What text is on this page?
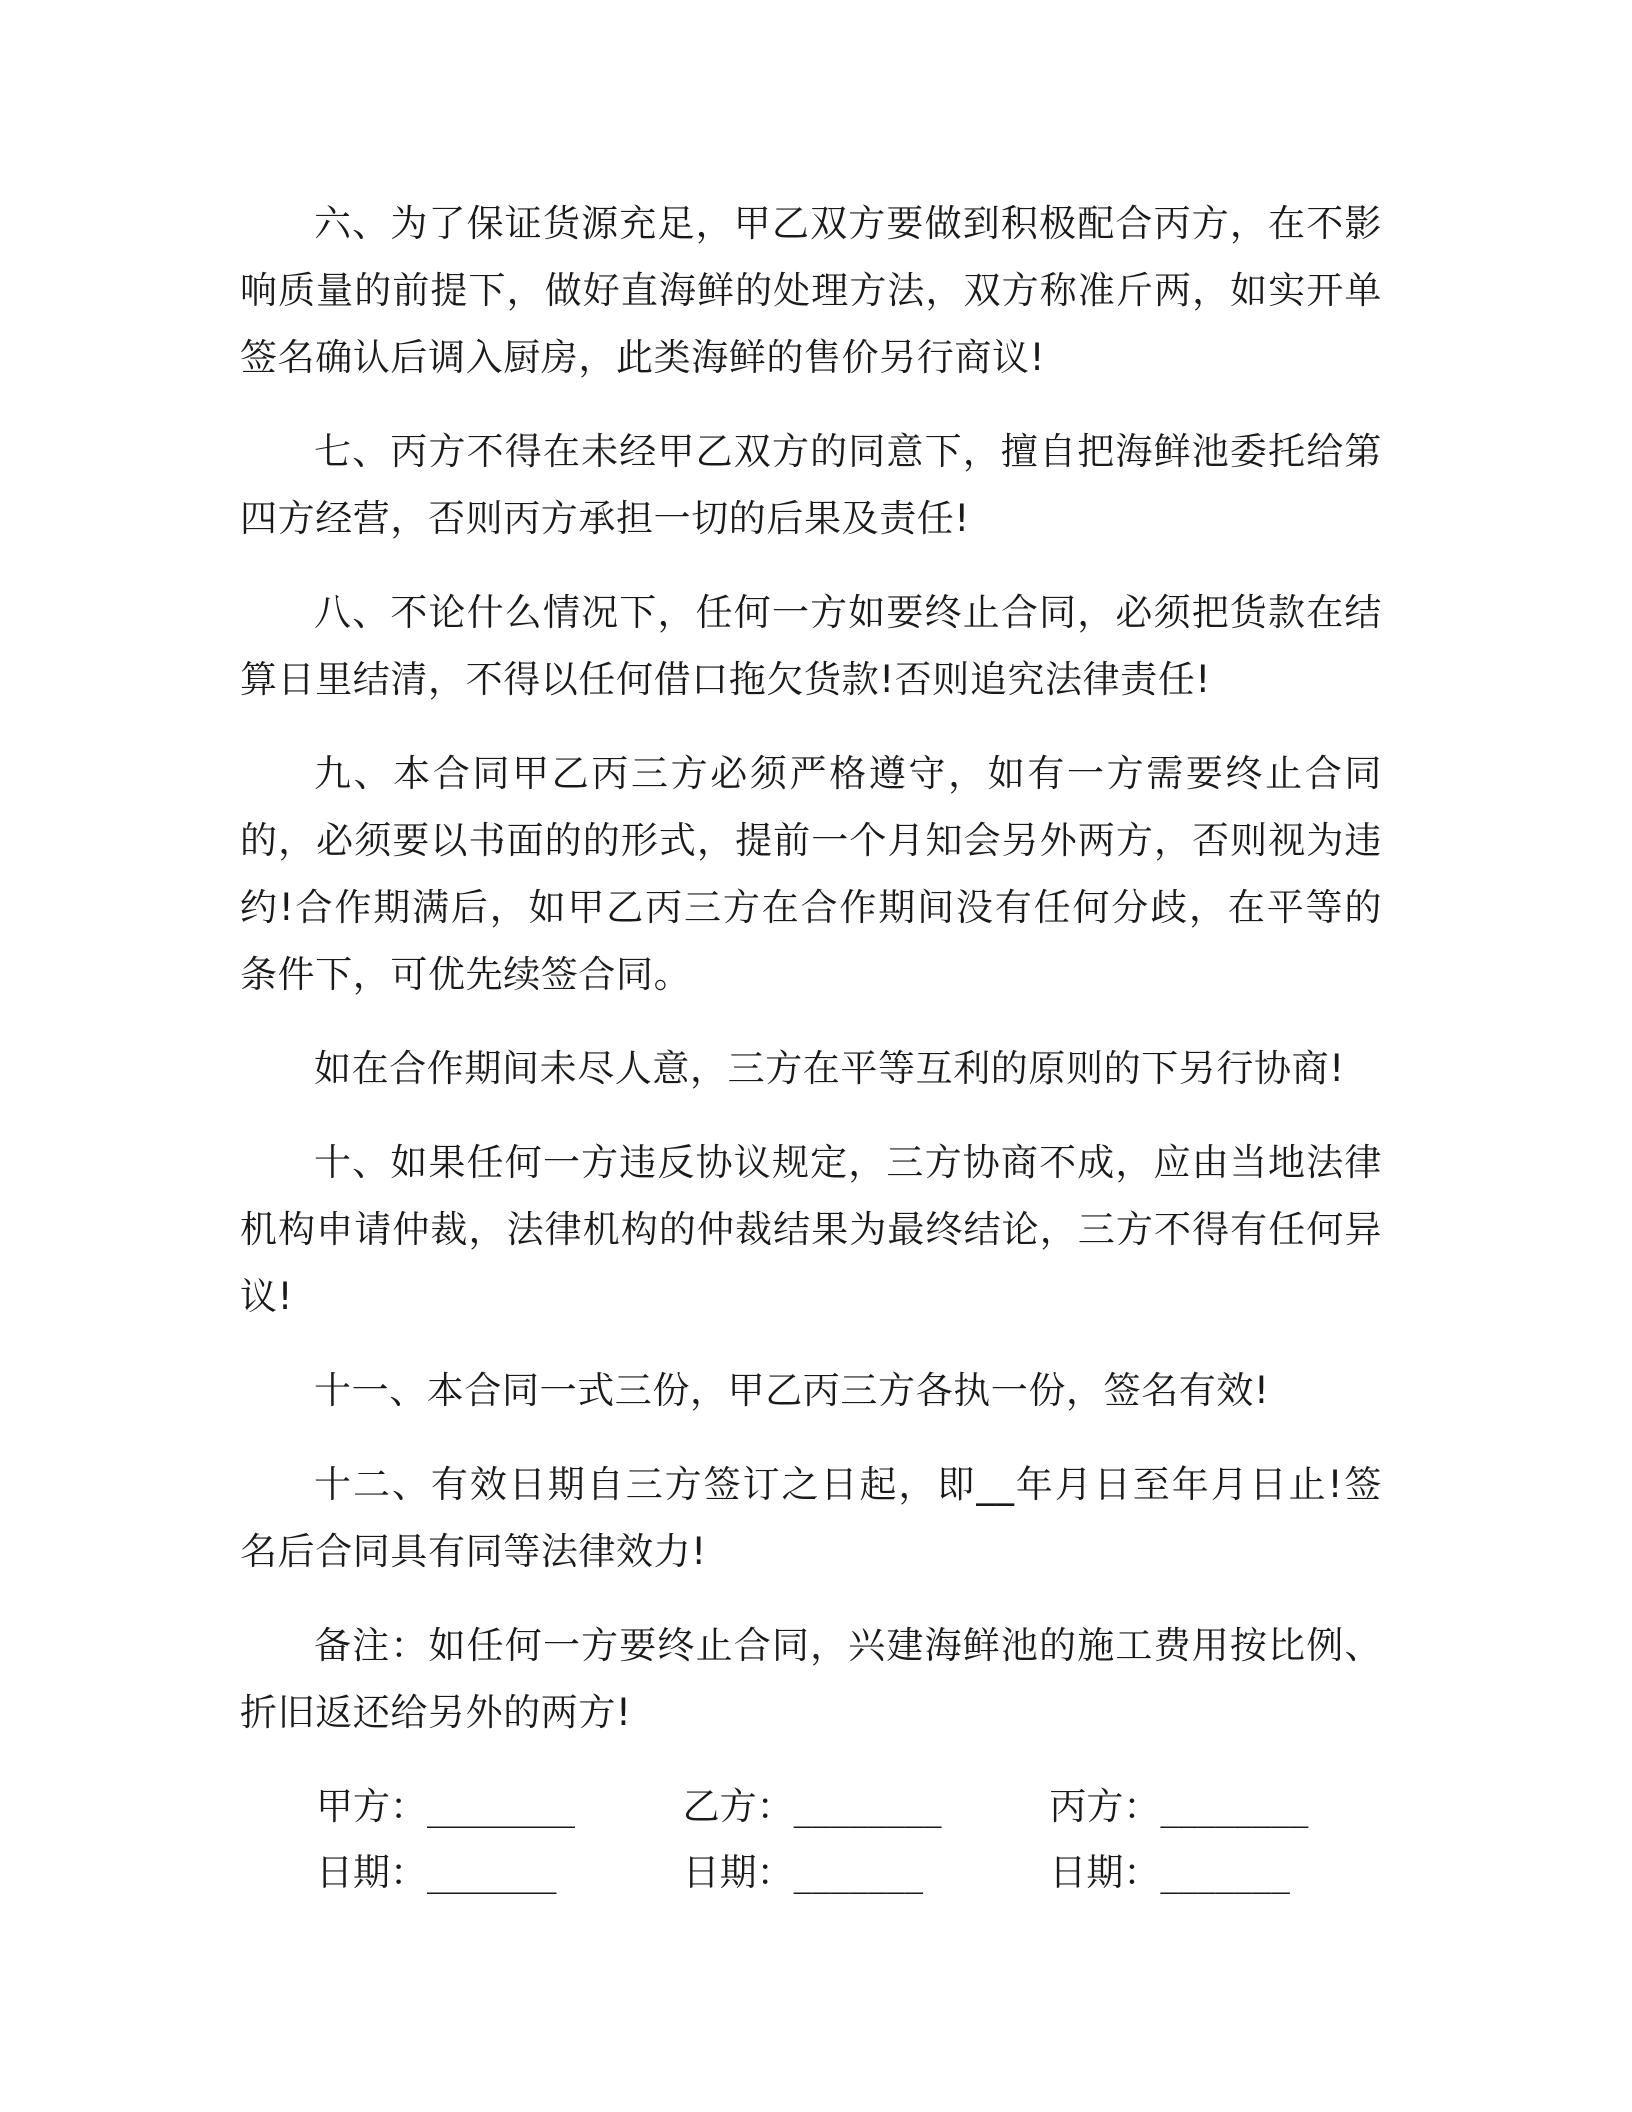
六、为了保证货源充足，甲乙双方要做到积极配合丙方，在不影响质量的前提下，做好直海鲜的处理方法，双方称准斤两，如实开单签名确认后调入厨房，此类海鲜的售价另行商议!

七、丙方不得在未经甲乙双方的同意下，擅自把海鲜池委托给第四方经营，否则丙方承担一切的后果及责任!

八、不论什么情况下，任何一方如要终止合同，必须把货款在结算日里结清，不得以任何借口拖欠货款!否则追究法律责任!

九、本合同甲乙丙三方必须严格遵守，如有一方需要终止合同的，必须要以书面的的形式，提前一个月知会另外两方，否则视为违约!合作期满后，如甲乙丙三方在合作期间没有任何分歧，在平等的条件下，可优先续签合同。

如在合作期间未尽人意，三方在平等互利的原则的下另行协商!

十、如果任何一方违反协议规定，三方协商不成，应由当地法律机构申请仲裁，法律机构的仲裁结果为最终结论，三方不得有任何异议!

十一、本合同一式三份，甲乙丙三方各执一份，签名有效!

十二、有效日期自三方签订之日起，即__年月日至年月日止!签名后合同具有同等法律效力!

备注：如任何一方要终止合同，兴建海鲜池的施工费用按比例、折旧返还给另外的两方!

甲方：________	乙方：________	丙方：________
日期：_______	日期：_______	日期：_______
